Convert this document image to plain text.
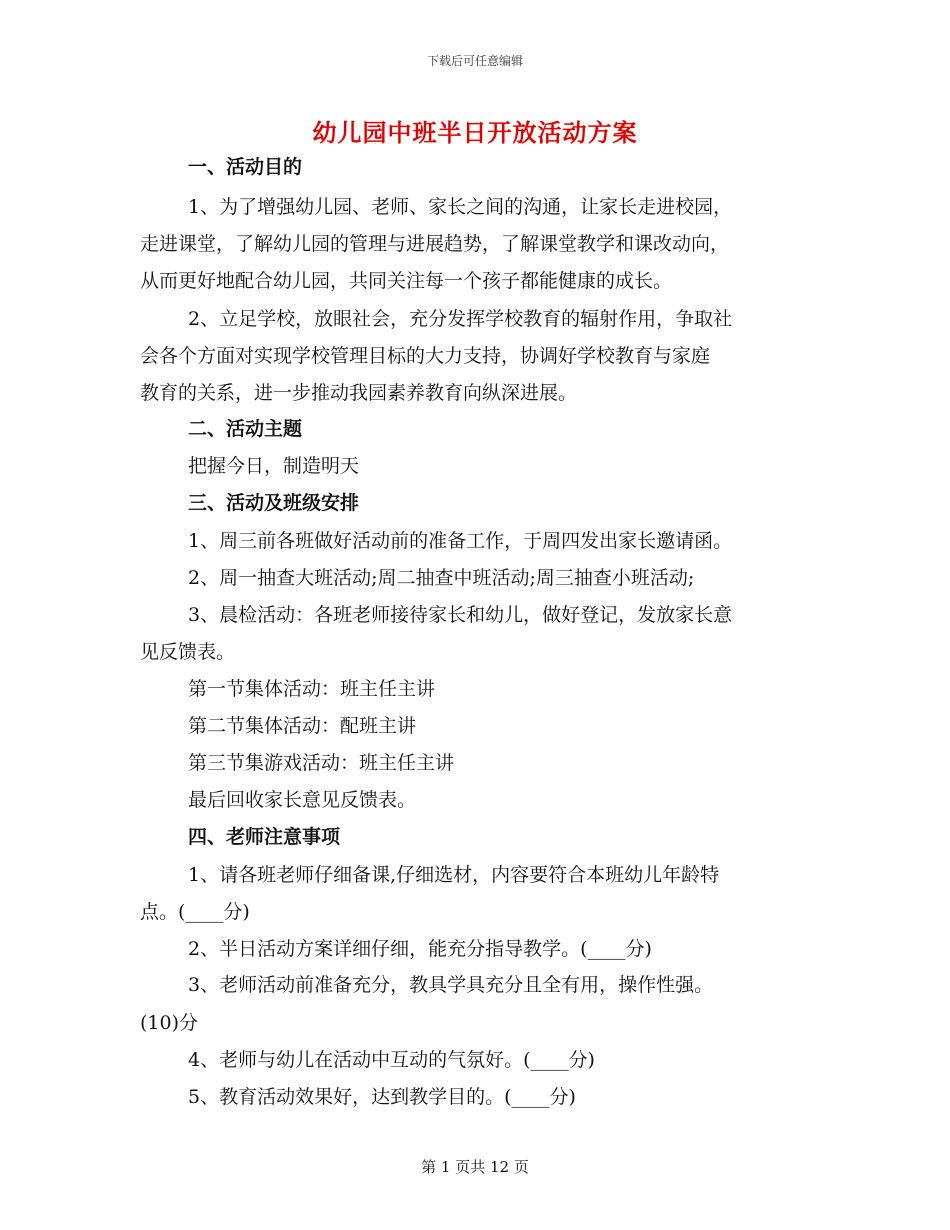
下载后可任意编辑
幼儿园中班半日开放活动方案
一、活动目的
1、为了增强幼儿园、老师、家长之间的沟通，让家长走进校园，
走进课堂，了解幼儿园的管理与进展趋势，了解课堂教学和课改动向，
从而更好地配合幼儿园，共同关注每一个孩子都能健康的成长。
2、立足学校，放眼社会，充分发挥学校教育的辐射作用，争取社
会各个方面对实现学校管理目标的大力支持，协调好学校教育与家庭
教育的关系，进一步推动我园素养教育向纵深进展。
二、活动主题
把握今日，制造明天
三、活动及班级安排
1、周三前各班做好活动前的准备工作，于周四发出家长邀请函。
2、周一抽查大班活动;周二抽查中班活动;周三抽查小班活动;
3、晨检活动：各班老师接待家长和幼儿，做好登记，发放家长意
见反馈表。
第一节集体活动：班主任主讲
第二节集体活动：配班主讲
第三节集游戏活动：班主任主讲
最后回收家长意见反馈表。
四、老师注意事项
1、请各班老师仔细备课,仔细选材，内容要符合本班幼儿年龄特
点。(____分)
2、半日活动方案详细仔细，能充分指导教学。(____分)
3、老师活动前准备充分，教具学具充分且全有用，操作性强。
(10)分
4、老师与幼儿在活动中互动的气氛好。(____分)
5、教育活动效果好，达到教学目的。(____分)
第 1 页共 12 页
